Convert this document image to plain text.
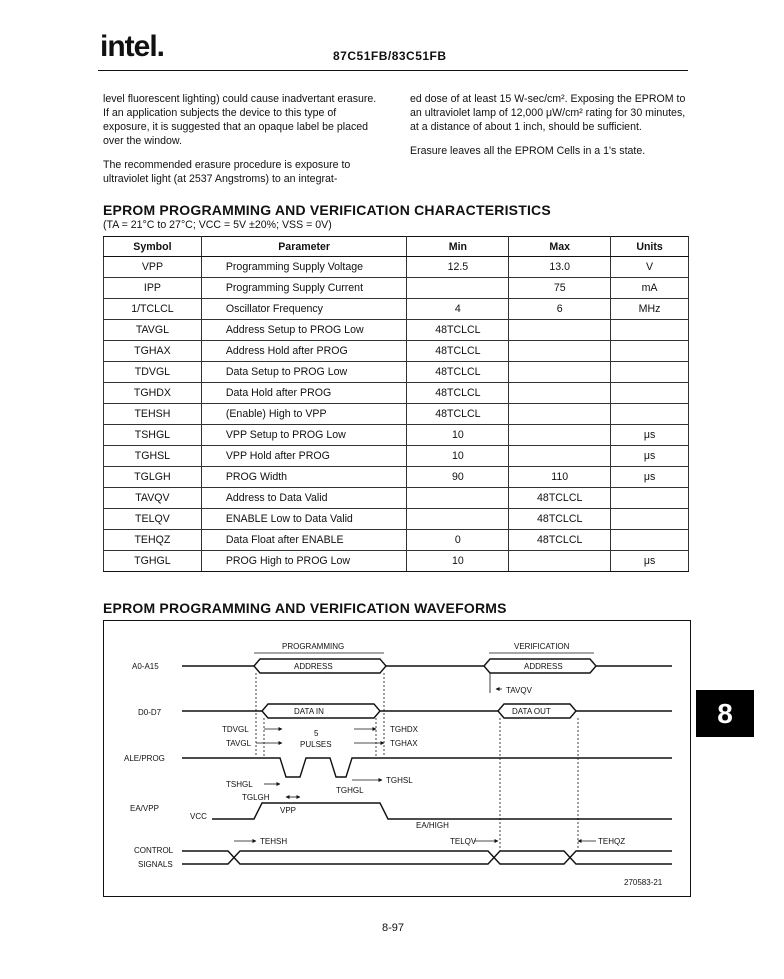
intel.	87C51FB/83C51FB

level fluorescent lighting) could cause inadvertant erasure. If an application subjects the device to this type of exposure, it is suggested that an opaque label be placed over the window.

The recommended erasure procedure is exposure to ultraviolet light (at 2537 Angstroms) to an integrat-

ed dose of at least 15 W-sec/cm². Exposing the EPROM to an ultraviolet lamp of 12,000 μW/cm² rating for 30 minutes, at a distance of about 1 inch, should be sufficient.

Erasure leaves all the EPROM Cells in a 1's state.

EPROM PROGRAMMING AND VERIFICATION CHARACTERISTICS
(TA = 21°C to 27°C; VCC = 5V ±20%; VSS = 0V)
Symbol	Parameter	Min	Max	Units
VPP	Programming Supply Voltage	12.5	13.0	V
IPP	Programming Supply Current		75	mA
1/TCLCL	Oscillator Frequency	4	6	MHz
TAVGL	Address Setup to PROG Low	48TCLCL		
TGHAX	Address Hold after PROG	48TCLCL		
TDVGL	Data Setup to PROG Low	48TCLCL		
TGHDX	Data Hold after PROG	48TCLCL		
TEHSH	(Enable) High to VPP	48TCLCL		
TSHGL	VPP Setup to PROG Low	10		μs
TGHSL	VPP Hold after PROG	10		μs
TGLGH	PROG Width	90	110	μs
TAVQV	Address to Data Valid		48TCLCL	
TELQV	ENABLE Low to Data Valid		48TCLCL	
TEHQZ	Data Float after ENABLE	0	48TCLCL	
TGHGL	PROG High to PROG Low	10		μs
EPROM PROGRAMMING AND VERIFICATION WAVEFORMS
PROGRAMMING	VERIFICATION
A0-A15	ADDRESS	ADDRESS
TAVQV
D0-D7	DATA IN	DATA OUT
TDVGL
TAVGL
TGHDX
TGHAX
5
PULSES
ALE/PROG
TSHGL
TGLGH
TGHGL
TGHSL
EA/VPP
VCC
VPP
EA/HIGH
TEHSH	TELQV	TEHQZ
CONTROL
SIGNALS
270583-21
8
8-97
